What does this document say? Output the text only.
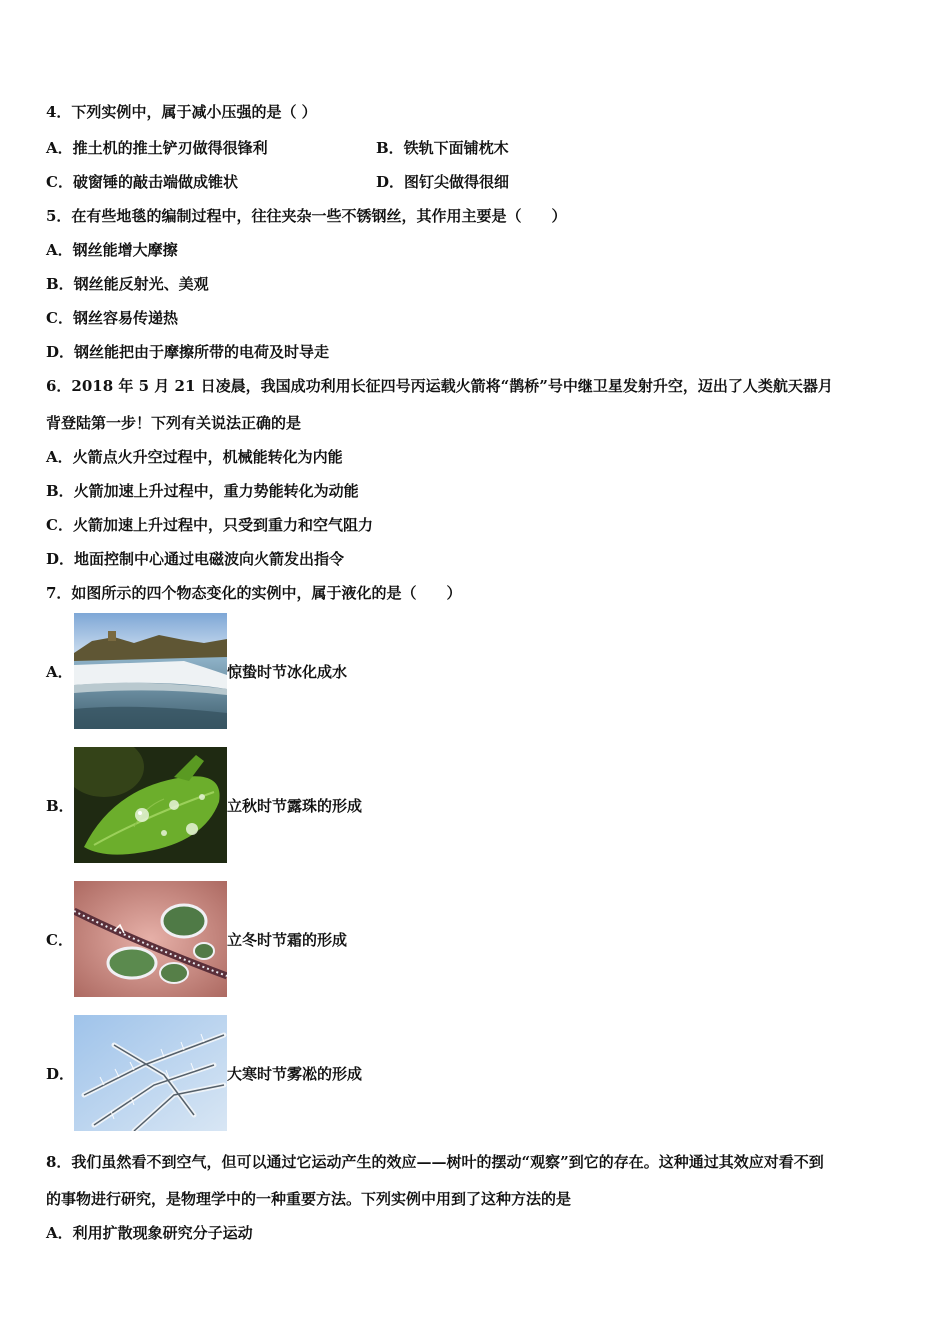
4．下列实例中，属于减小压强的是（ ）
A．推土机的推土铲刃做得很锋利	B．铁轨下面铺枕木
C．破窗锤的敲击端做成锥状	D．图钉尖做得很细
5．在有些地毯的编制过程中，往往夹杂一些不锈钢丝，其作用主要是（　　）
A．钢丝能增大摩擦
B．钢丝能反射光、美观
C．钢丝容易传递热
D．钢丝能把由于摩擦所带的电荷及时导走
6．2018 年 5 月 21 日凌晨，我国成功利用长征四号丙运载火箭将“鹊桥”号中继卫星发射升空，迈出了人类航天器月
背登陆第一步！下列有关说法正确的是
A．火箭点火升空过程中，机械能转化为内能
B．火箭加速上升过程中，重力势能转化为动能
C．火箭加速上升过程中，只受到重力和空气阻力
D．地面控制中心通过电磁波向火箭发出指令
7．如图所示的四个物态变化的实例中，属于液化的是（　　）
A．	惊蛰时节冰化成水
B．	立秋时节露珠的形成
C．	立冬时节霜的形成
D．	大寒时节雾凇的形成
8．我们虽然看不到空气，但可以通过它运动产生的效应——树叶的摆动“观察”到它的存在。这种通过其效应对看不到
的事物进行研究，是物理学中的一种重要方法。下列实例中用到了这种方法的是
A．利用扩散现象研究分子运动
